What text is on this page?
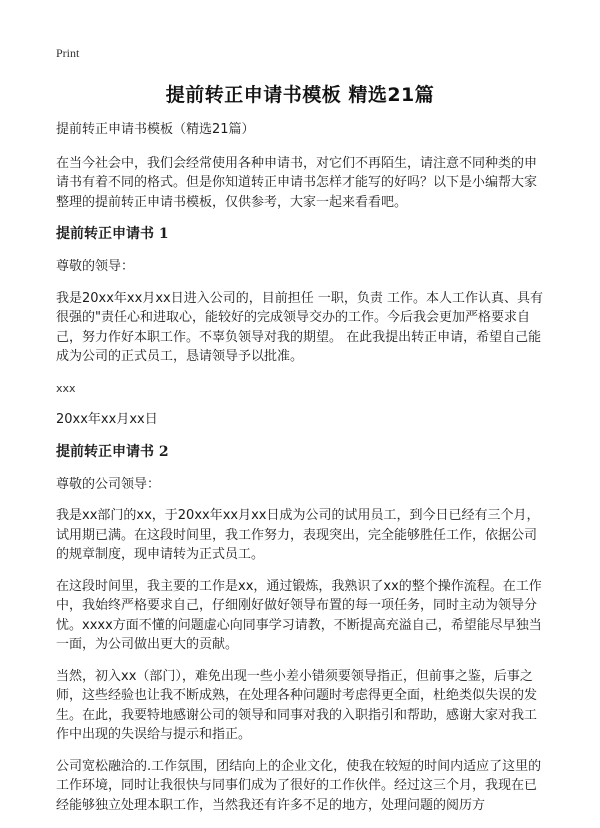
Print
提前转正申请书模板 精选21篇

提前转正申请书模板（精选21篇）

在当今社会中，我们会经常使用各种申请书，对它们不再陌生，请注意不同种类的申请书有着不同的格式。但是你知道转正申请书怎样才能写的好吗？以下是小编帮大家整理的提前转正申请书模板，仅供参考，大家一起来看看吧。

提前转正申请书 1

尊敬的领导：

我是20xx年xx月xx日进入公司的，目前担任 一职，负责 工作。本人工作认真、具有很强的"责任心和进取心，能较好的完成领导交办的工作。今后我会更加严格要求自己，努力作好本职工作。不辜负领导对我的期望。 在此我提出转正申请，希望自己能成为公司的正式员工，恳请领导予以批准。

xxx

20xx年xx月xx日

提前转正申请书 2

尊敬的公司领导：

我是xx部门的xx，于20xx年xx月xx日成为公司的试用员工，到今日已经有三个月，试用期已满。在这段时间里，我工作努力，表现突出，完全能够胜任工作，依据公司的规章制度，现申请转为正式员工。

在这段时间里，我主要的工作是xx，通过锻炼，我熟识了xx的整个操作流程。在工作中，我始终严格要求自己，仔细刚好做好领导布置的每一项任务，同时主动为领导分忧。xxxx方面不懂的问题虚心向同事学习请教，不断提高充溢自己，希望能尽早独当一面，为公司做出更大的贡献。

当然，初入xx（部门），难免出现一些小差小错须要领导指正，但前事之鉴，后事之师，这些经验也让我不断成熟，在处理各种问题时考虑得更全面，杜绝类似失误的发生。在此，我要特地感谢公司的领导和同事对我的入职指引和帮助，感谢大家对我工作中出现的失误给与提示和指正。

公司宽松融洽的.工作氛围，团结向上的企业文化，使我在较短的时间内适应了这里的工作环境，同时让我很快与同事们成为了很好的工作伙伴。经过这三个月，我现在已经能够独立处理本职工作，当然我还有许多不足的地方，处理问题的阅历方
